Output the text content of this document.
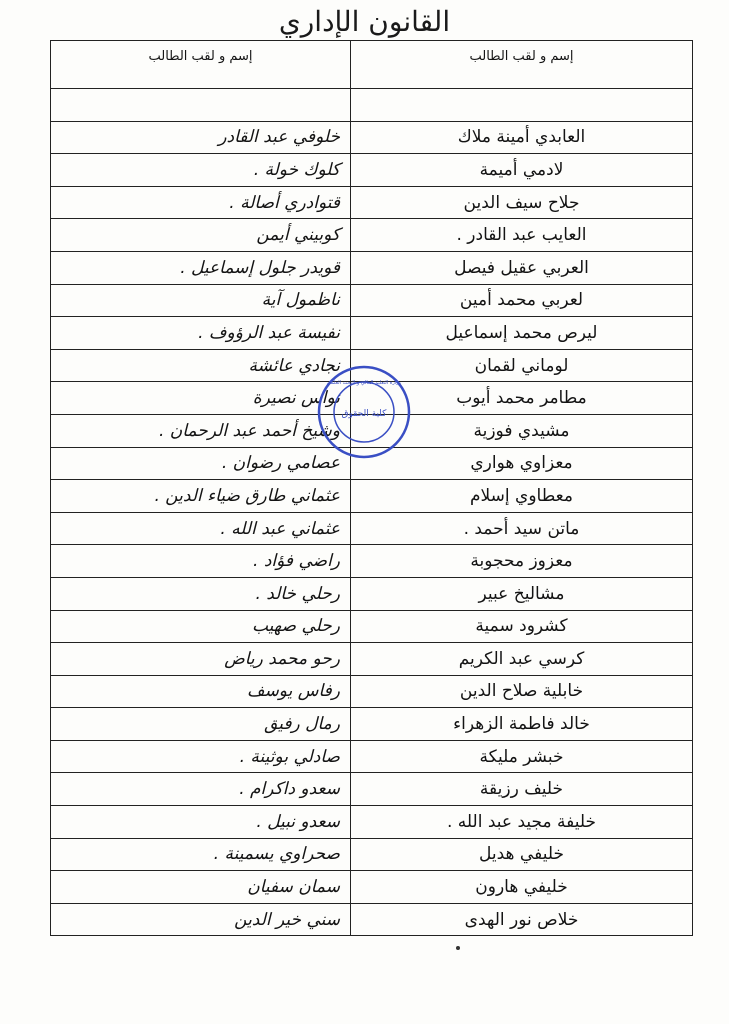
القانون الإداري
إسم و لقب الطالب	إسم و لقب الطالب

العابدي أمينة ملاك	خلوفي عبد القادر
لادمي أميمة	كلوك خولة .
جلاح سيف الدين	قتوادري أصالة .
العايب عبد القادر .	كوبيني أيمن
العربي عقيل فيصل	قويدر جلول إسماعيل .
لعربي محمد أمين	ناظمول آية
ليرص محمد إسماعيل	نفيسة عبد الرؤوف .
لوماني لقمان	نجادي عائشة
مطامر محمد أيوب	نواس نصيرة
مشيدي فوزية	وشيخ أحمد عبد الرحمان .
معزاوي هواري	عصامي رضوان .
معطاوي إسلام	عثماني طارق ضياء الدين .
ماتن سيد أحمد .	عثماني عبد الله .
معزوز محجوبة	راضي فؤاد .
مشاليخ عبير	رحلي خالد .
كشرود سمية	رحلي صهيب
كرسي عبد الكريم	رحو محمد رياض
خابلية صلاح الدين	رفاس يوسف
خالد فاطمة الزهراء	رمال رفيق
خبشر مليكة	صادلي بوثينة .
خليف رزيقة	سعدو داكرام .
خليفة مجيد عبد الله .	سعدو نبيل .
خليفي هديل	صحراوي يسمينة .
خليفي هارون	سمان سفيان
خلاص نور الهدى	سني خير الدين
كلية الحقوق
وزارة التعليم العالي و البحث العلمي
